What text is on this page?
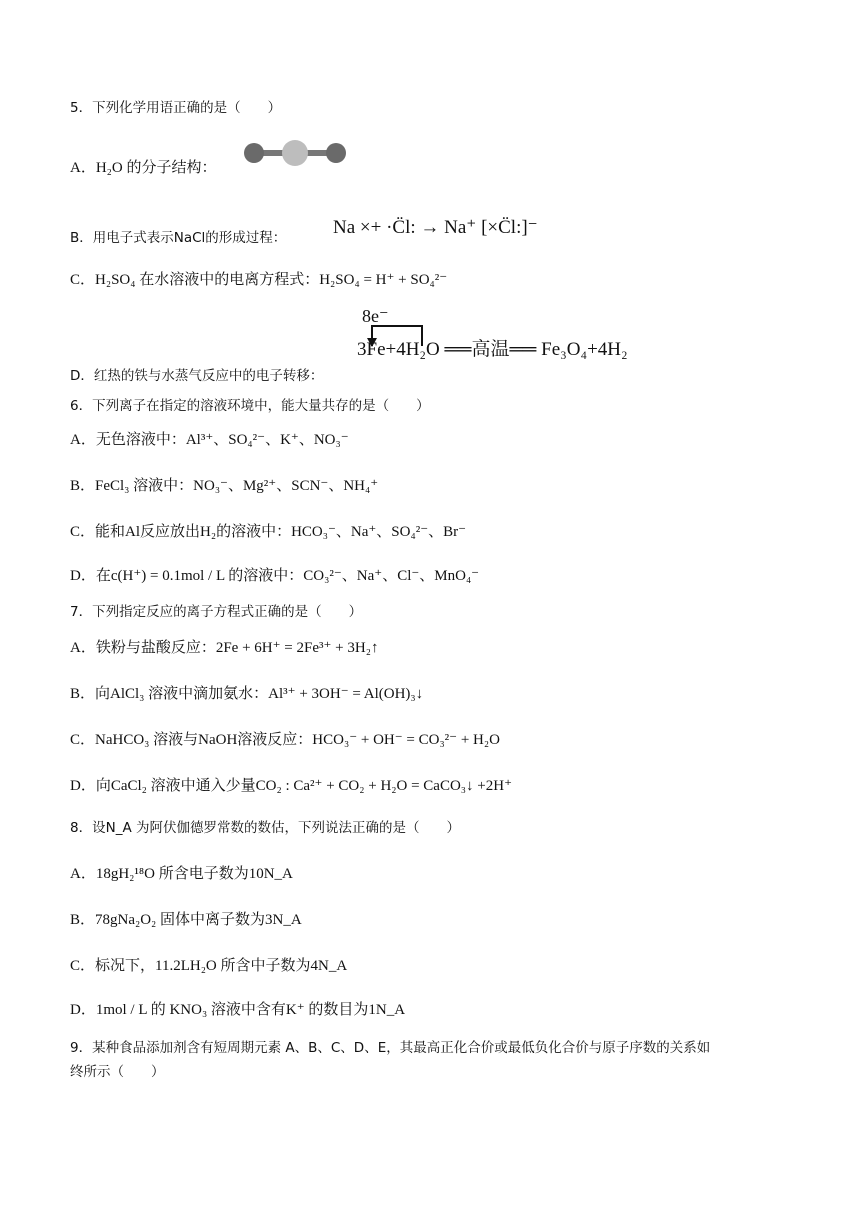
5．下列化学用语正确的是（　　）
A．H₂O 的分子结构：
B．用电子式表示NaCl的形成过程： Na ×+ ·C̈l: → Na⁺ [×C̈l:]⁻
C．H₂SO₄ 在水溶液中的电离方程式：H₂SO₄ = H⁺ + SO₄²⁻
8e⁻
3Fe+4H₂O ══高温══ Fe₃O₄+4H₂
D．红热的铁与水蒸气反应中的电子转移：
6．下列离子在指定的溶液环境中，能大量共存的是（　　）
A．无色溶液中：Al³⁺、SO₄²⁻、K⁺、NO₃⁻
B．FeCl₃ 溶液中：NO₃⁻、Mg²⁺、SCN⁻、NH₄⁺
C．能和Al反应放出H₂的溶液中：HCO₃⁻、Na⁺、SO₄²⁻、Br⁻
D．在c(H⁺) = 0.1mol / L 的溶液中：CO₃²⁻、Na⁺、Cl⁻、MnO₄⁻
7．下列指定反应的离子方程式正确的是（　　）
A．铁粉与盐酸反应：2Fe + 6H⁺ = 2Fe³⁺ + 3H₂↑
B．向AlCl₃ 溶液中滴加氨水：Al³⁺ + 3OH⁻ = Al(OH)₃↓
C．NaHCO₃ 溶液与NaOH溶液反应：HCO₃⁻ + OH⁻ = CO₃²⁻ + H₂O
D．向CaCl₂ 溶液中通入少量CO₂ : Ca²⁺ + CO₂ + H₂O = CaCO₃↓ +2H⁺
8．设N_A 为阿伏伽德罗常数的数估，下列说法正确的是（　　）
A．18gH₂¹⁸O 所含电子数为10N_A
B．78gNa₂O₂ 固体中离子数为3N_A
C．标况下，11.2LH₂O 所含中子数为4N_A
D．1mol / L 的 KNO₃ 溶液中含有K⁺ 的数目为1N_A
9．某种食品添加剂含有短周期元素 A、B、C、D、E，其最高正化合价或最低负化合价与原子序数的关系如
终所示（　　）
